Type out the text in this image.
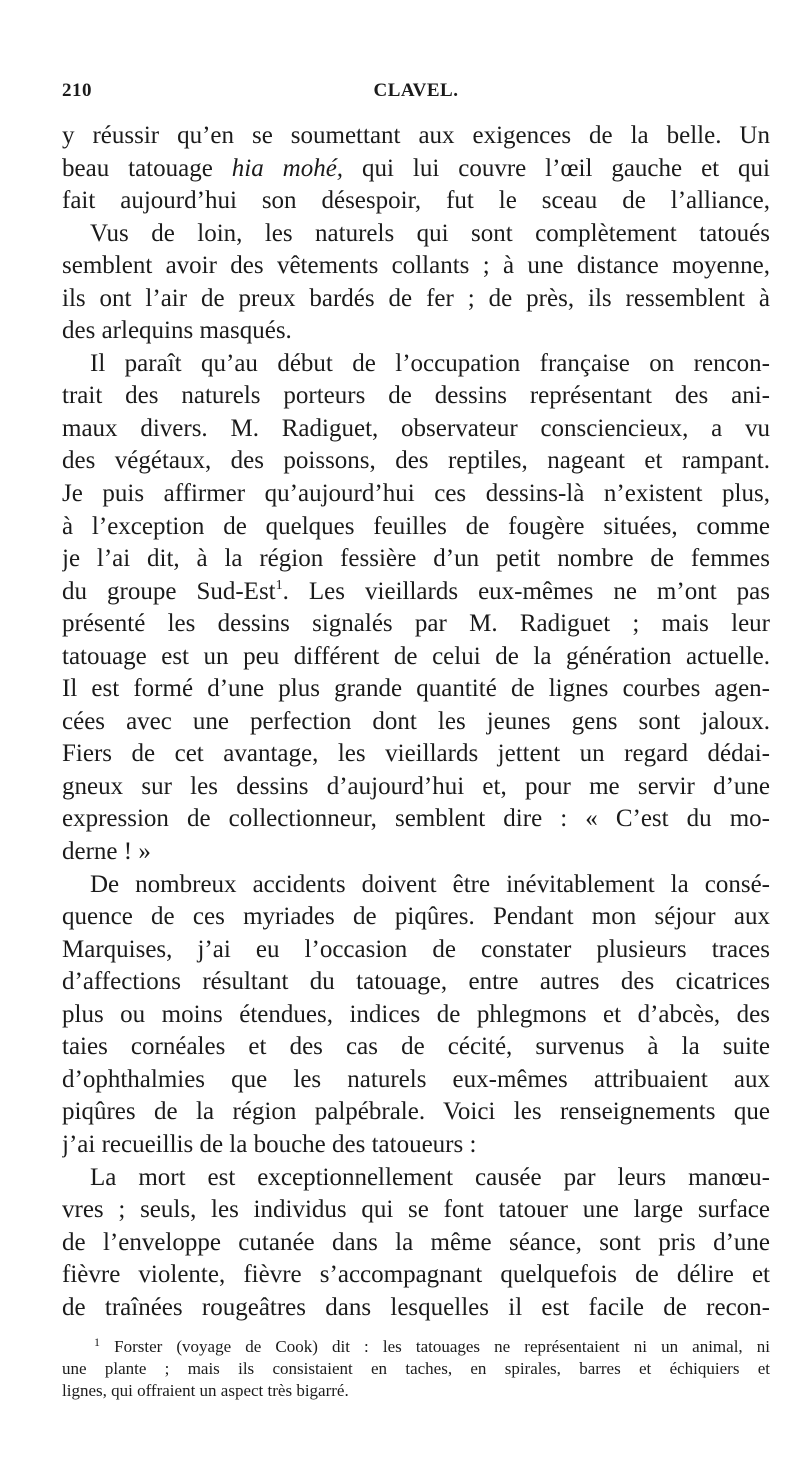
210	CLAVEL.
y réussir qu’en se soumettant aux exigences de la belle. Un
beau tatouage hia mohé, qui lui couvre l’œil gauche et qui
fait aujourd’hui son désespoir, fut le sceau de l’alliance,
Vus de loin, les naturels qui sont complètement tatoués
semblent avoir des vêtements collants ; à une distance moyenne,
ils ont l’air de preux bardés de fer ; de près, ils ressemblent à
des arlequins masqués.
Il paraît qu’au début de l’occupation française on rencon-
trait des naturels porteurs de dessins représentant des ani-
maux divers. M. Radiguet, observateur consciencieux, a vu
des végétaux, des poissons, des reptiles, nageant et rampant.
Je puis affirmer qu’aujourd’hui ces dessins-là n’existent plus,
à l’exception de quelques feuilles de fougère situées, comme
je l’ai dit, à la région fessière d’un petit nombre de femmes
du groupe Sud-Est$^1$. Les vieillards eux-mêmes ne m’ont pas
présenté les dessins signalés par M. Radiguet ; mais leur
tatouage est un peu différent de celui de la génération actuelle.
Il est formé d’une plus grande quantité de lignes courbes agen-
cées avec une perfection dont les jeunes gens sont jaloux.
Fiers de cet avantage, les vieillards jettent un regard dédai-
gneux sur les dessins d’aujourd’hui et, pour me servir d’une
expression de collectionneur, semblent dire : « C’est du mo-
derne ! »
De nombreux accidents doivent être inévitablement la consé-
quence de ces myriades de piqûres. Pendant mon séjour aux
Marquises, j’ai eu l’occasion de constater plusieurs traces
d’affections résultant du tatouage, entre autres des cicatrices
plus ou moins étendues, indices de phlegmons et d’abcès, des
taies cornéales et des cas de cécité, survenus à la suite
d’ophthalmies que les naturels eux-mêmes attribuaient aux
piqûres de la région palpébrale. Voici les renseignements que
j’ai recueillis de la bouche des tatoueurs :
La mort est exceptionnellement causée par leurs manœu-
vres ; seuls, les individus qui se font tatouer une large surface
de l’enveloppe cutanée dans la même séance, sont pris d’une
fièvre violente, fièvre s’accompagnant quelquefois de délire et
de traînées rougeâtres dans lesquelles il est facile de recon-
$^1$ Forster (voyage de Cook) dit : les tatouages ne représentaient ni un animal, ni
une plante ; mais ils consistaient en taches, en spirales, barres et échiquiers et
lignes, qui offraient un aspect très bigarré.
